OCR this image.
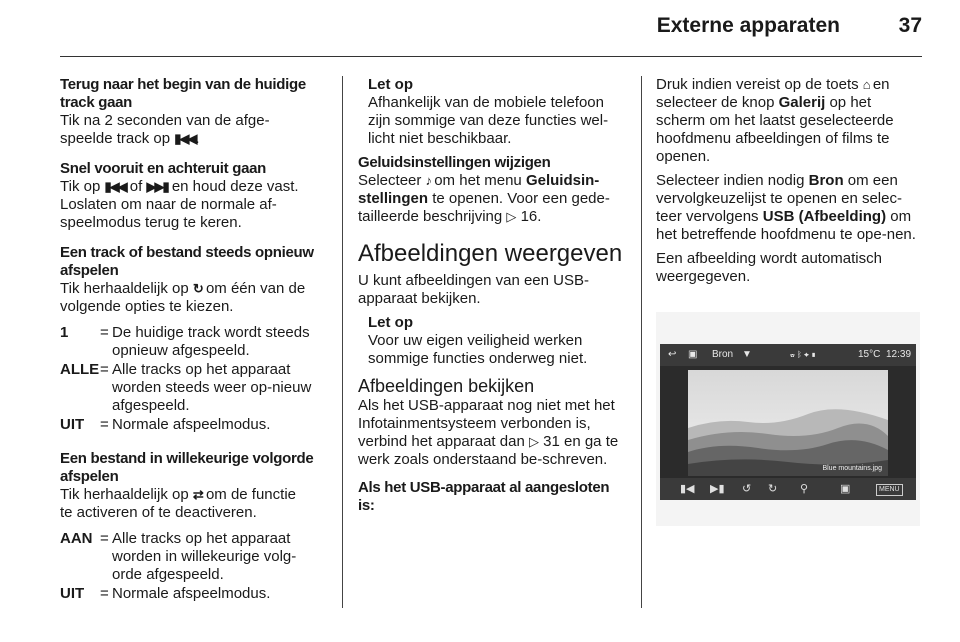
Externe apparaten	37
Terug naar het begin van de huidige track gaan
Tik na 2 seconden van de afge-
speelde track op ▮◀◀.
Snel vooruit en achteruit gaan
Tik op ▮◀◀ of ▶▶▮ en houd deze vast.
Loslaten om naar de normale af-
speelmodus terug te keren.
Een track of bestand steeds opnieuw afspelen
Tik herhaaldelijk op ↻ om één van de
volgende opties te kiezen.
1	= De huidige track wordt steeds opnieuw afgespeeld.
ALLE = Alle tracks op het apparaat worden steeds weer op-nieuw afgespeeld.
UIT	= Normale afspeelmodus.
Een bestand in willekeurige volgorde afspelen
Tik herhaaldelijk op ⇄ om de functie
te activeren of te deactiveren.
AAN = Alle tracks op het apparaat worden in willekeurige volg-orde afgespeeld.
UIT	= Normale afspeelmodus.
Let op
Afhankelijk van de mobiele telefoon zijn sommige van deze functies wel-licht niet beschikbaar.
Geluidsinstellingen wijzigen
Selecteer ♪ om het menu Geluidsin-stellingen te openen. Voor een gede-tailleerde beschrijving ▷ 16.
Afbeeldingen weergeven
U kunt afbeeldingen van een USB-apparaat bekijken.
Let op
Voor uw eigen veiligheid werken sommige functies onderweg niet.
Afbeeldingen bekijken
Als het USB-apparaat nog niet met het Infotainmentsysteem verbonden is, verbind het apparaat dan ▷ 31 en ga te werk zoals onderstaand be-schreven.
Als het USB-apparaat al aangesloten is:
Druk indien vereist op de toets ⌂ en selecteer de knop Galerij op het scherm om het laatst geselecteerde hoofdmenu afbeeldingen of films te openen.
Selecteer indien nodig Bron om een vervolgkeuzelijst te openen en selec-teer vervolgens USB (Afbeelding) om het betreffende hoofdmenu te ope-nen.
Een afbeelding wordt automatisch weergegeven.
↩ ▣ Bron ▼	☎ ᛒ ✦ ▮	15°C 12:39
Blue mountains.jpg
▮◀ ▶▮ ↺ ↻ ⚲	▣	MENU
